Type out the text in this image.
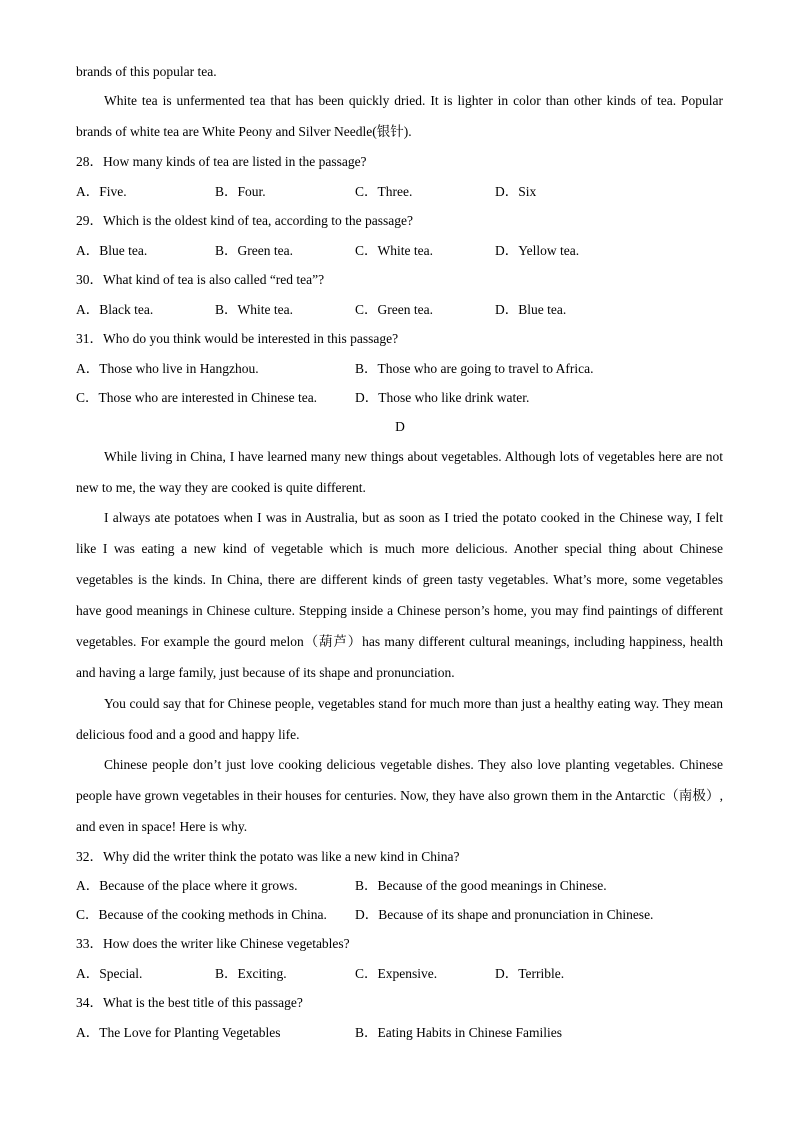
brands of this popular tea.
White tea is unfermented tea that has been quickly dried. It is lighter in color than other kinds of tea. Popular brands of white tea are White Peony and Silver Needle(银针).
28．How many kinds of tea are listed in the passage?
A．Five.	B．Four.	C．Three.	D．Six
29．Which is the oldest kind of tea, according to the passage?
A．Blue tea.	B．Green tea.	C．White tea.	D．Yellow tea.
30．What kind of tea is also called “red tea”?
A．Black tea.	B．White tea.	C．Green tea.	D．Blue tea.
31．Who do you think would be interested in this passage?
A．Those who live in Hangzhou.	B．Those who are going to travel to Africa.
C．Those who are interested in Chinese tea.	D．Those who like drink water.
D
While living in China, I have learned many new things about vegetables. Although lots of vegetables here are not new to me, the way they are cooked is quite different.
I always ate potatoes when I was in Australia, but as soon as I tried the potato cooked in the Chinese way, I felt like I was eating a new kind of vegetable which is much more delicious. Another special thing about Chinese vegetables is the kinds. In China, there are different kinds of green tasty vegetables. What’s more, some vegetables have good meanings in Chinese culture. Stepping inside a Chinese person’s home, you may find paintings of different vegetables. For example the gourd melon（葫芦）has many different cultural meanings, including happiness, health and having a large family, just because of its shape and pronunciation.
You could say that for Chinese people, vegetables stand for much more than just a healthy eating way. They mean delicious food and a good and happy life.
Chinese people don’t just love cooking delicious vegetable dishes. They also love planting vegetables. Chinese people have grown vegetables in their houses for centuries. Now, they have also grown them in the Antarctic（南极）, and even in space! Here is why.
32．Why did the writer think the potato was like a new kind in China?
A．Because of the place where it grows.	B．Because of the good meanings in Chinese.
C．Because of the cooking methods in China. D．Because of its shape and pronunciation in Chinese.
33．How does the writer like Chinese vegetables?
A．Special.	B．Exciting.	C．Expensive.	D．Terrible.
34．What is the best title of this passage?
A．The Love for Planting Vegetables	B．Eating Habits in Chinese Families
